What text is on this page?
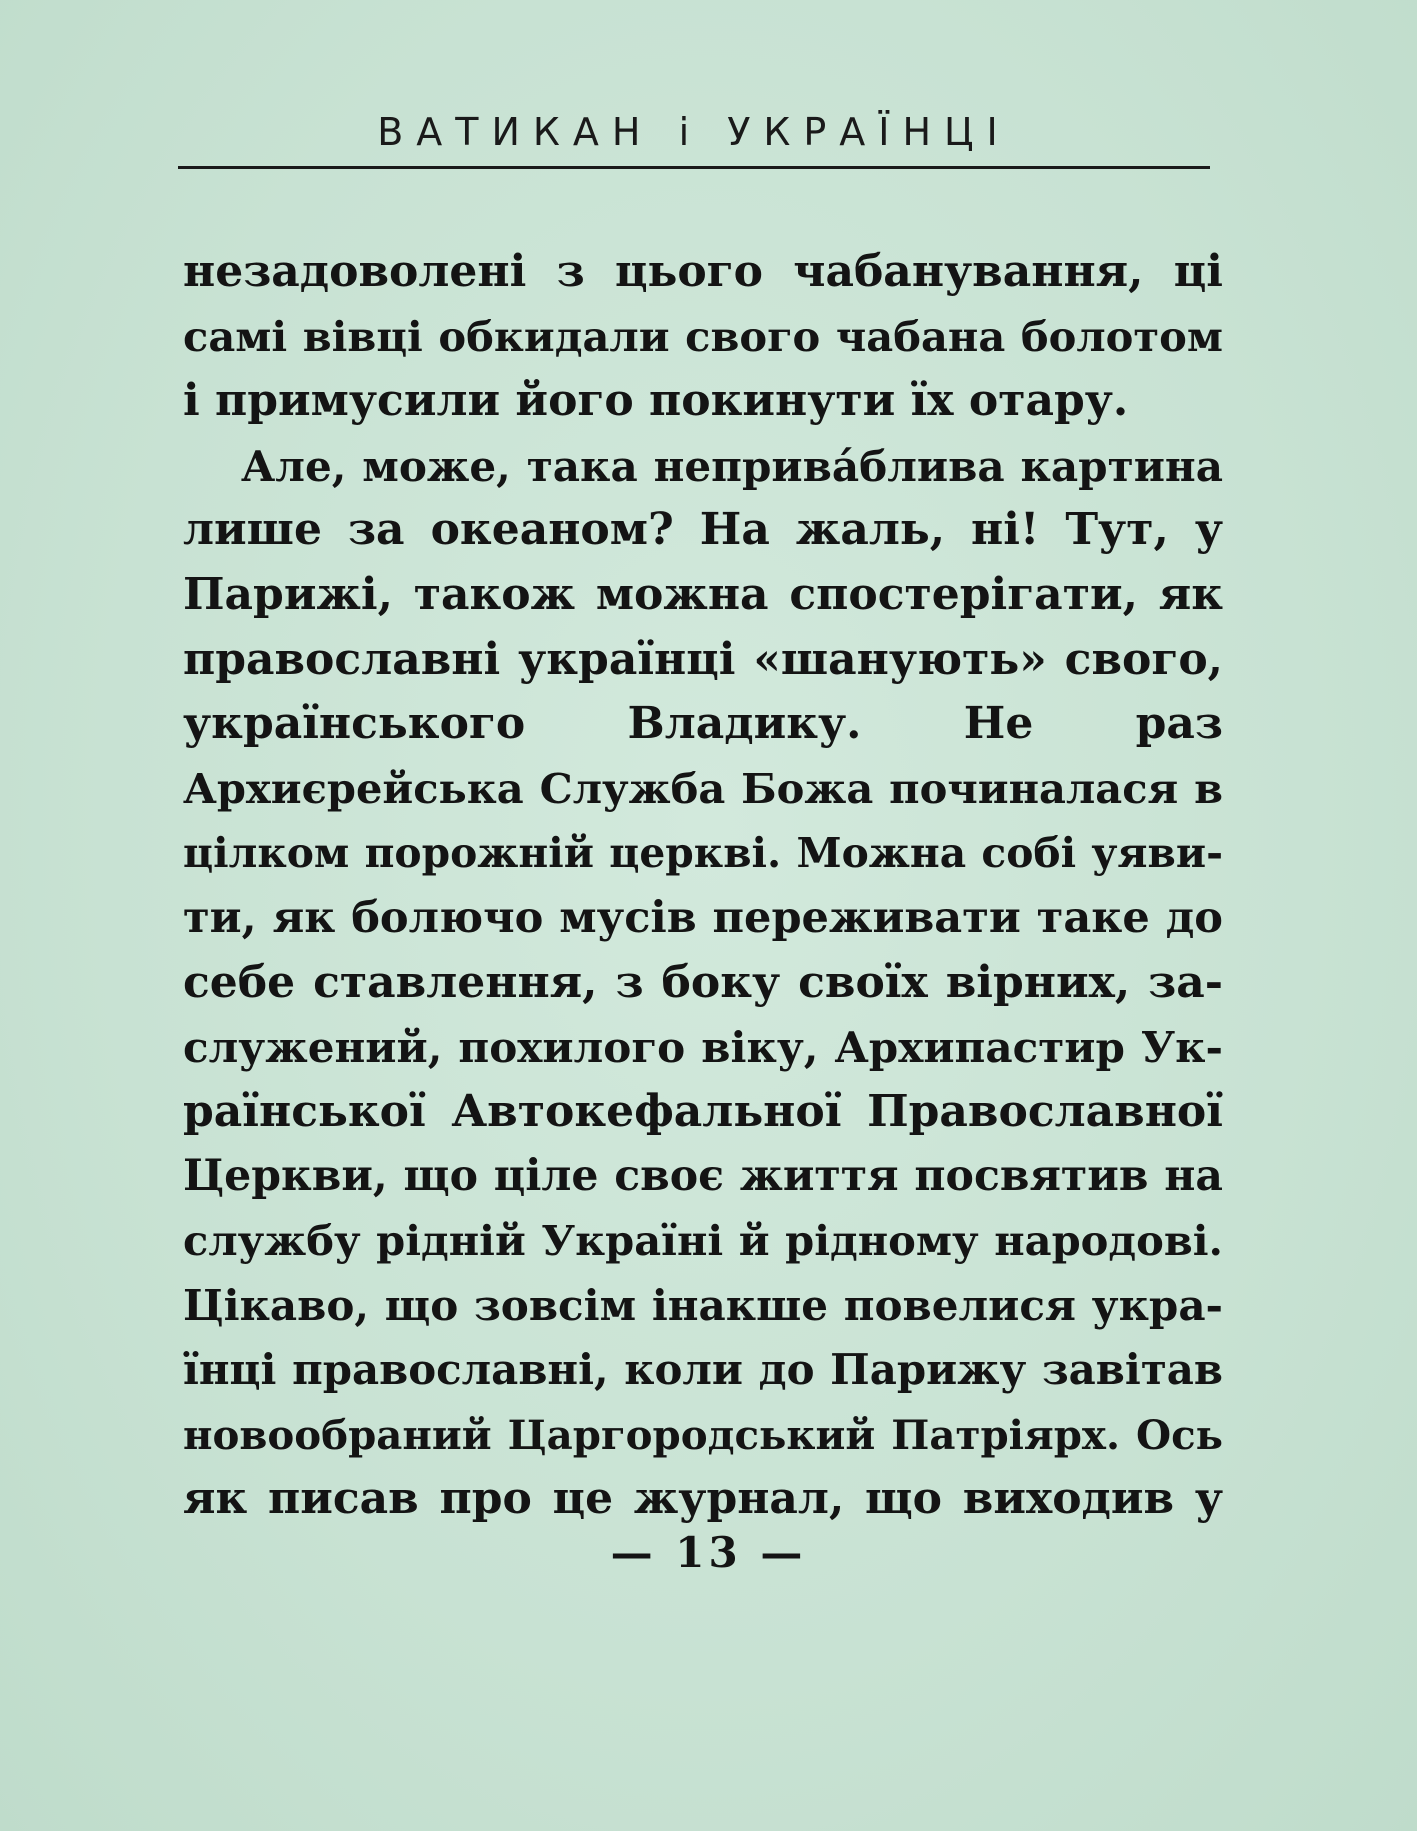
ВАТИКАН і УКРАЇНЦІ
незадоволені з цього чабанування, ці
самі вівці обкидали свого чабана болотом
і примусили його покинути їх отару.
Але, може, така непривáблива картина
лише за океаном? На жаль, ні! Тут, у
Парижі, також можна спостерігати, як
православні українці «шанують» свого,
українського Владику. Не раз
Архиєрейська Служба Божа починалася в
цілком порожній церкві. Можна собі уяви-
ти, як болючо мусів переживати таке до
себе ставлення, з боку своїх вірних, за-
служений, похилого віку, Архипастир Ук-
раїнської Автокефальної Православної
Церкви, що ціле своє життя посвятив на
службу рідній Україні й рідному народові.
Цікаво, що зовсім інакше повелися укра-
їнці православні, коли до Парижу завітав
новообраний Царгородський Патріярх. Ось
як писав про це журнал, що виходив у
— 13 —
